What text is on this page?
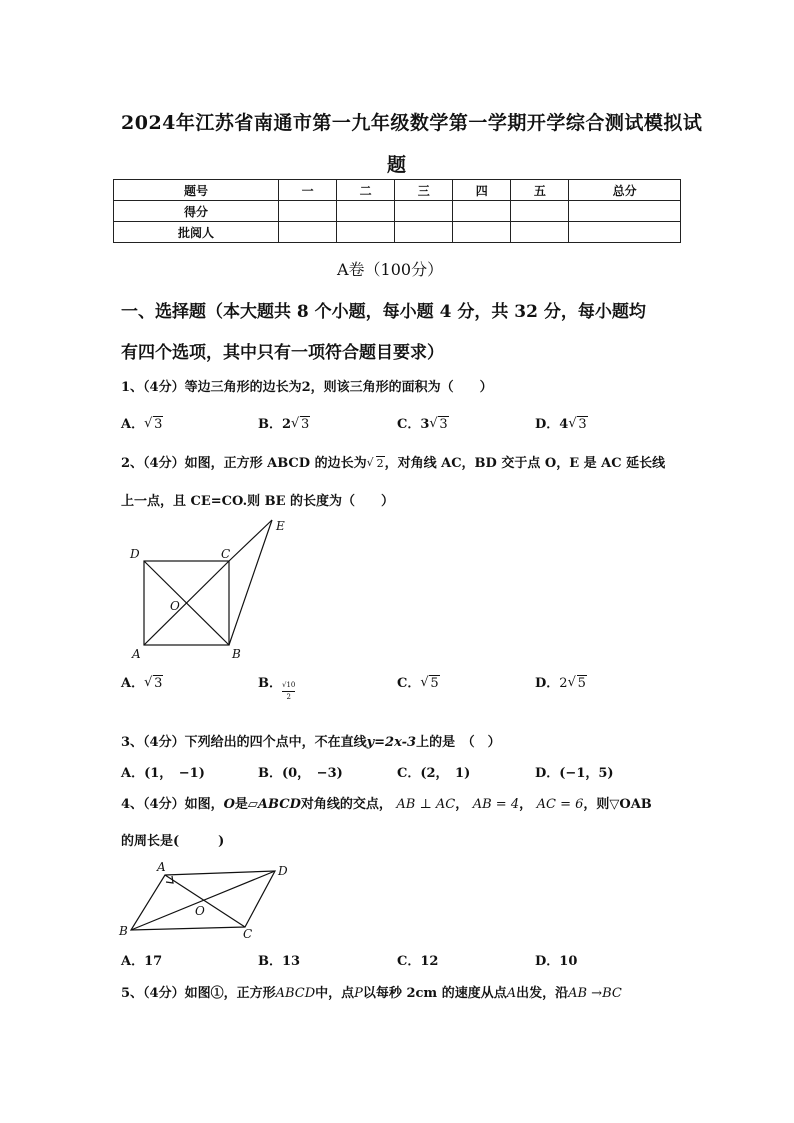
2024年江苏省南通市第一九年级数学第一学期开学综合测试模拟试
题
题号	一	二	三	四	五	总分
得分						
批阅人						
A卷（100分）
一、选择题（本大题共 8 个小题，每小题 4 分，共 32 分，每小题均
有四个选项，其中只有一项符合题目要求）
1、（4分）等边三角形的边长为2，则该三角形的面积为（　　）
A． √ 3	B．2 √ 3	C．3 √ 3	D．4 √ 3
2、（4分）如图，正方形 ABCD 的边长为 √ 2，对角线 AC，BD 交于点 O，E 是 AC 延长线
上一点，且 CE=CO.则 BE 的长度为（　　）
D	C
E
O
A	B
A． √ 3	B． √10
2
C． √ 5	D．2 √ 5
3、（4分）下列给出的四个点中，不在直线y=2x-3上的是　（　）
A．(1，　−1)	B．(0，　−3)	C．(2，　1)	D．(−1，5)
4、（4分）如图，O是▱ABCD对角线的交点， AB ⊥ AC， AB = 4， AC = 6，则▽OAB
的周长是(　　　)
A	D
O
B	C
A．17	B．13	C．12	D．10
5、（4分）如图①，正方形ABCD中，点P以每秒 2cm 的速度从点A出发，沿AB →BC
